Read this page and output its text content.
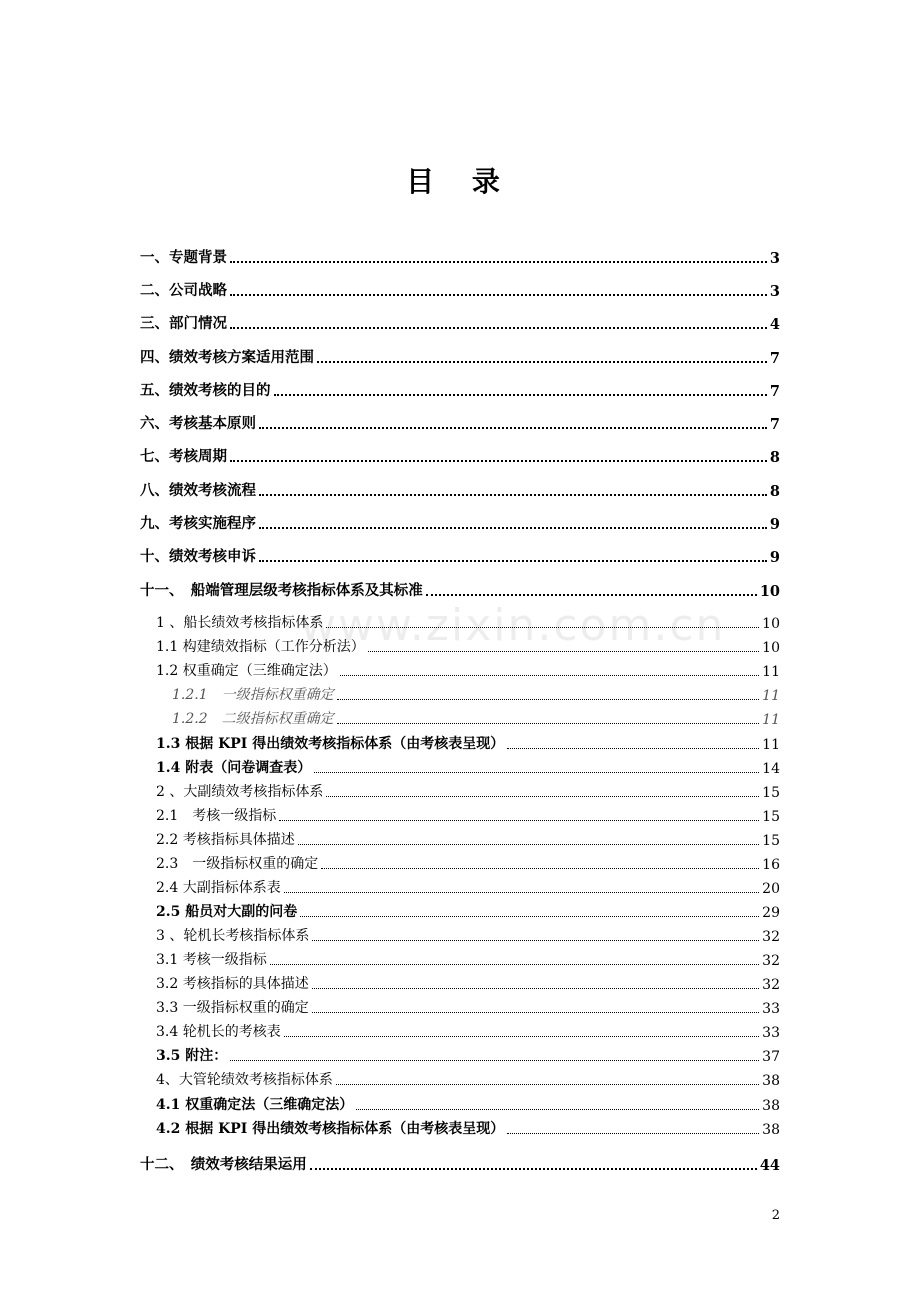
目 录
www.zixin.com.cn
一、专题背景	3
二、公司战略	3
三、部门情况	4
四、绩效考核方案适用范围	7
五、绩效考核的目的	7
六、考核基本原则	7
七、考核周期	8
八、绩效考核流程	8
九、考核实施程序	9
十、绩效考核申诉	9
十一、　船端管理层级考核指标体系及其标准	10
1 、船长绩效考核指标体系	10
1.1 构建绩效指标（工作分析法）	10
1.2 权重确定（三维确定法）	11
1.2.1　一级指标权重确定	11
1.2.2　二级指标权重确定	11
1.3 根据 KPI 得出绩效考核指标体系（由考核表呈现）	11
1.4 附表（问卷调查表）	14
2 、大副绩效考核指标体系	15
2.1　考核一级指标	15
2.2 考核指标具体描述	15
2.3　一级指标权重的确定	16
2.4 大副指标体系表	20
2.5 船员对大副的问卷	29
3 、轮机长考核指标体系	32
3.1 考核一级指标	32
3.2 考核指标的具体描述	32
3.3 一级指标权重的确定	33
3.4 轮机长的考核表	33
3.5 附注：	37
4、大管轮绩效考核指标体系	38
4.1 权重确定法（三维确定法）	38
4.2 根据 KPI 得出绩效考核指标体系（由考核表呈现）	38
十二、　绩效考核结果运用	44
2
